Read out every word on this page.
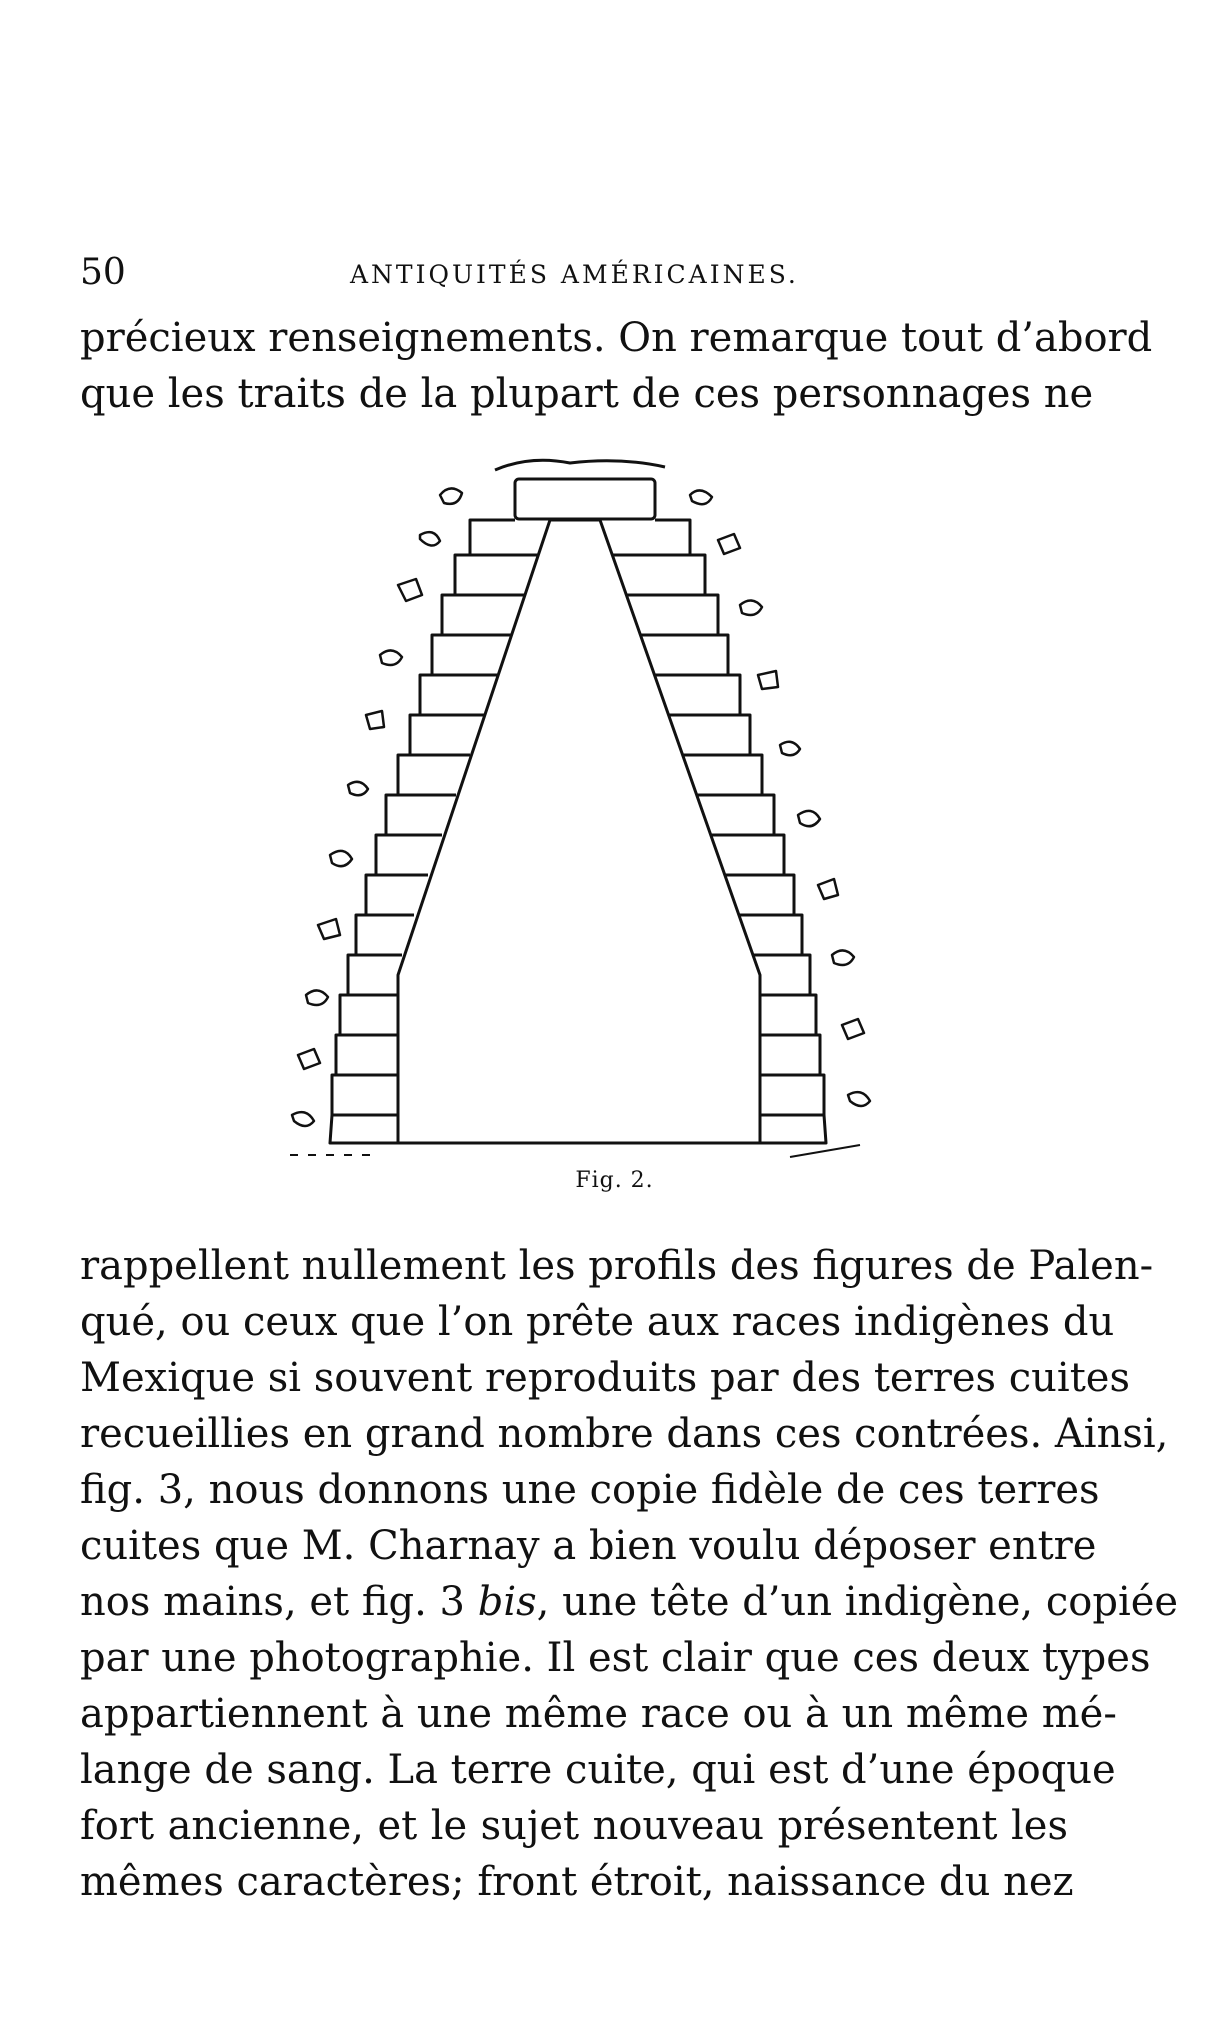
50	ANTIQUITÉS AMÉRICAINES.
précieux renseignements. On remarque tout d’abord
que les traits de la plupart de ces personnages ne
Fig. 2.
rappellent nullement les profils des figures de Palen-
qué, ou ceux que l’on prête aux races indigènes du
Mexique si souvent reproduits par des terres cuites
recueillies en grand nombre dans ces contrées. Ainsi,
fig. 3, nous donnons une copie fidèle de ces terres
cuites que M. Charnay a bien voulu déposer entre
nos mains, et fig. 3 bis, une tête d’un indigène, copiée
par une photographie. Il est clair que ces deux types
appartiennent à une même race ou à un même mé-
lange de sang. La terre cuite, qui est d’une époque
fort ancienne, et le sujet nouveau présentent les
mêmes caractères; front étroit, naissance du nez
